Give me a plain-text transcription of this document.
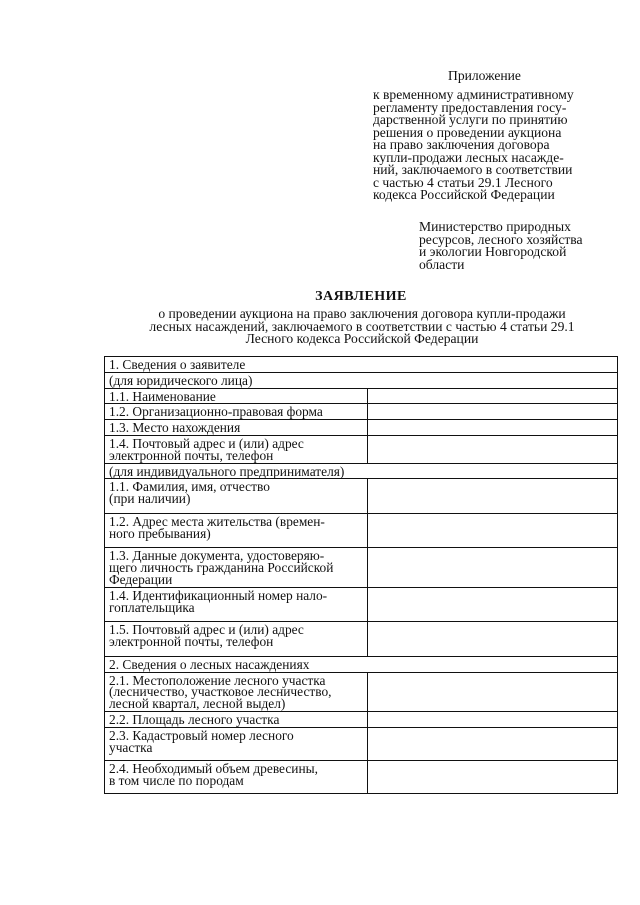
Приложение
к временному административному
регламенту предоставления госу-
дарственной услуги по принятию
решения о проведении аукциона
на право заключения договора
купли-продажи лесных насажде-
ний, заключаемого в соответствии
с частью 4 статьи 29.1 Лесного
кодекса Российской Федерации
Министерство природных
ресурсов, лесного хозяйства
и экологии Новгородской
области
ЗАЯВЛЕНИЕ
о проведении аукциона на право заключения договора купли-продажи
лесных насаждений, заключаемого в соответствии с частью 4 статьи 29.1
Лесного кодекса Российской Федерации
1. Сведения о заявителе	
(для юридического лица)	
1.1. Наименование	
1.2. Организационно-правовая форма	
1.3. Место нахождения	
1.4. Почтовый адрес и (или) адрес
электронной почты, телефон	
(для индивидуального предпринимателя)	
1.1. Фамилия, имя, отчество
(при наличии)	
1.2. Адрес места жительства (времен-
ного пребывания)	
1.3. Данные документа, удостоверяю-
щего личность гражданина Российской
Федерации	
1.4. Идентификационный номер нало-
гоплательщика	
1.5. Почтовый адрес и (или) адрес
электронной почты, телефон	
2. Сведения о лесных насаждениях	
2.1. Местоположение лесного участка
(лесничество, участковое лесничество,
лесной квартал, лесной выдел)	
2.2. Площадь лесного участка	
2.3. Кадастровый номер лесного
участка	
2.4. Необходимый объем древесины,
в том числе по породам	
